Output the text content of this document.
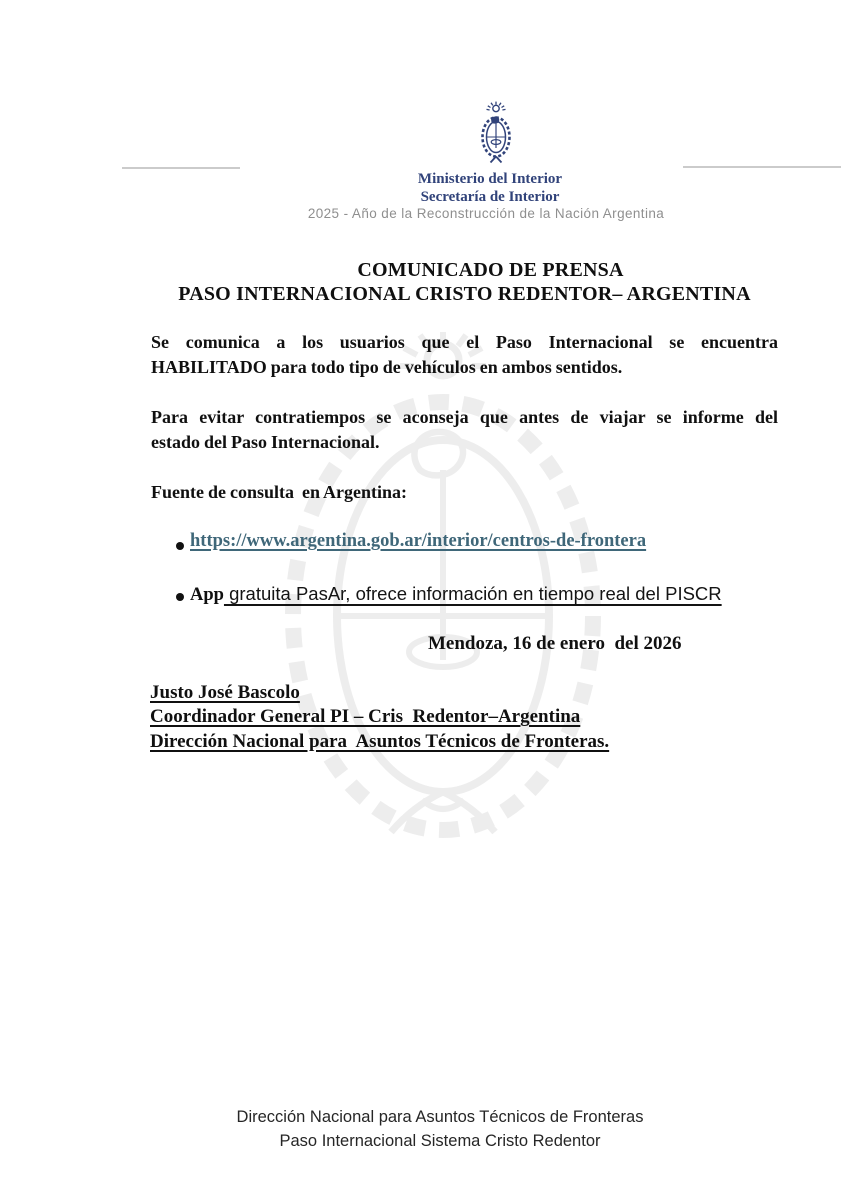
Ministerio del Interior
Secretaría de Interior
2025 - Año de la Reconstrucción de la Nación Argentina
COMUNICADO DE PRENSA
PASO INTERNACIONAL CRISTO REDENTOR– ARGENTINA
Se comunica a los usuarios que el Paso Internacional se encuentra
HABILITADO para todo tipo de vehículos en ambos sentidos.
Para evitar contratiempos se aconseja que antes de viajar se informe del
estado del Paso Internacional.
Fuente de consulta  en Argentina:
https://www.argentina.gob.ar/interior/centros-de-frontera
App gratuita PasAr, ofrece información en tiempo real del PISCR
Mendoza, 16 de enero  del 2026
Justo José Bascolo
Coordinador General PI – Cris  Redentor–Argentina
Dirección Nacional para  Asuntos Técnicos de Fronteras.
Dirección Nacional para Asuntos Técnicos de Fronteras
Paso Internacional Sistema Cristo Redentor
